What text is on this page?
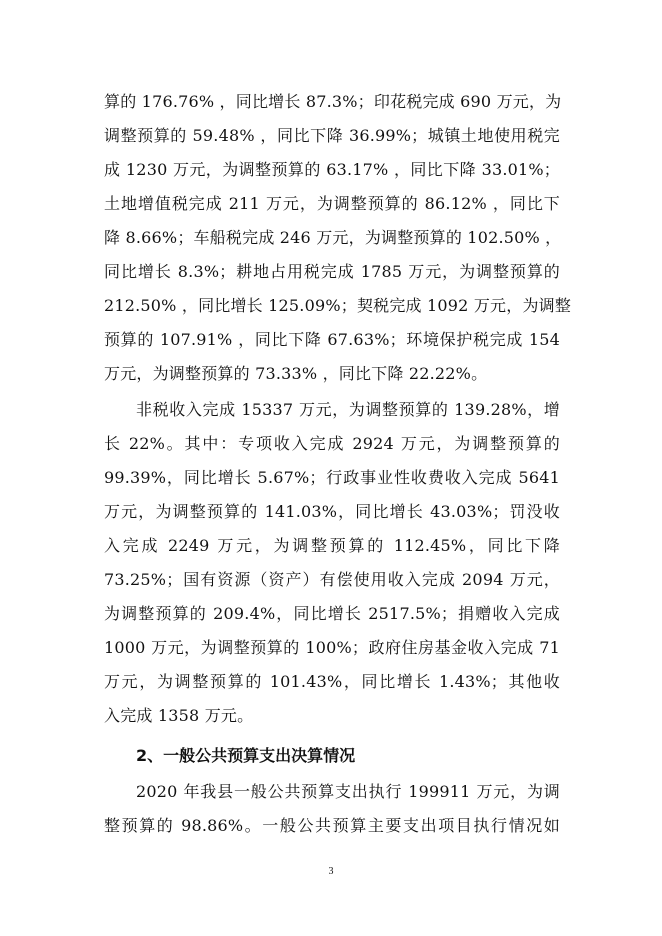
算的 176.76% ，同比增长 87.3%；印花税完成 690 万元，为
调整预算的 59.48% ，同比下降 36.99%；城镇土地使用税完
成 1230 万元，为调整预算的 63.17% ，同比下降 33.01%；
土地增值税完成 211 万元，为调整预算的 86.12% ，同比下
降 8.66%；车船税完成 246 万元，为调整预算的 102.50% ，
同比增长 8.3%；耕地占用税完成 1785 万元，为调整预算的
212.50% ，同比增长 125.09%；契税完成 1092 万元，为调整
预算的 107.91% ，同比下降 67.63%；环境保护税完成 154
万元，为调整预算的 73.33% ，同比下降 22.22%。
非税收入完成 15337 万元，为调整预算的 139.28%，增
长 22%。其中：专项收入完成 2924 万元，为调整预算的
99.39%，同比增长 5.67%；行政事业性收费收入完成 5641
万元，为调整预算的 141.03%，同比增长 43.03%；罚没收
入完成 2249 万元，为调整预算的 112.45%，同比下降
73.25%；国有资源（资产）有偿使用收入完成 2094 万元，
为调整预算的 209.4%，同比增长 2517.5%；捐赠收入完成
1000 万元，为调整预算的 100%；政府住房基金收入完成 71
万元，为调整预算的 101.43%，同比增长 1.43%；其他收
入完成 1358 万元。
2、一般公共预算支出决算情况
2020 年我县一般公共预算支出执行 199911 万元，为调
整预算的 98.86%。一般公共预算主要支出项目执行情况如
3
